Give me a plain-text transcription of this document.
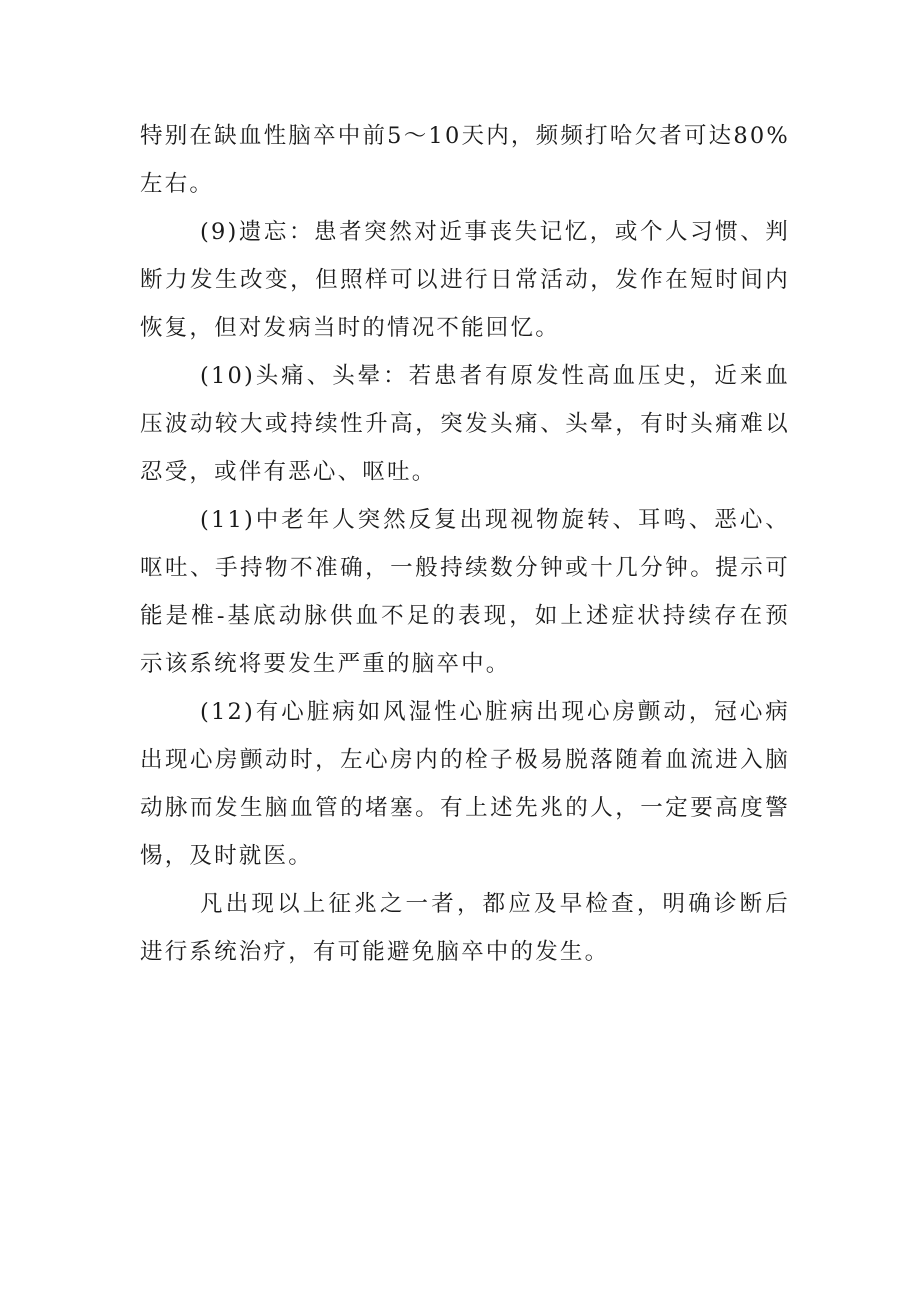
特别在缺血性脑卒中前5～10天内，频频打哈欠者可达80%左右。

(9)遗忘：患者突然对近事丧失记忆，或个人习惯、判断力发生改变，但照样可以进行日常活动，发作在短时间内恢复，但对发病当时的情况不能回忆。

(10)头痛、头晕：若患者有原发性高血压史，近来血压波动较大或持续性升高，突发头痛、头晕，有时头痛难以忍受，或伴有恶心、呕吐。

(11)中老年人突然反复出现视物旋转、耳鸣、恶心、呕吐、手持物不准确，一般持续数分钟或十几分钟。提示可能是椎-基底动脉供血不足的表现，如上述症状持续存在预示该系统将要发生严重的脑卒中。

(12)有心脏病如风湿性心脏病出现心房颤动，冠心病出现心房颤动时，左心房内的栓子极易脱落随着血流进入脑动脉而发生脑血管的堵塞。有上述先兆的人，一定要高度警惕，及时就医。

凡出现以上征兆之一者，都应及早检查，明确诊断后进行系统治疗，有可能避免脑卒中的发生。
